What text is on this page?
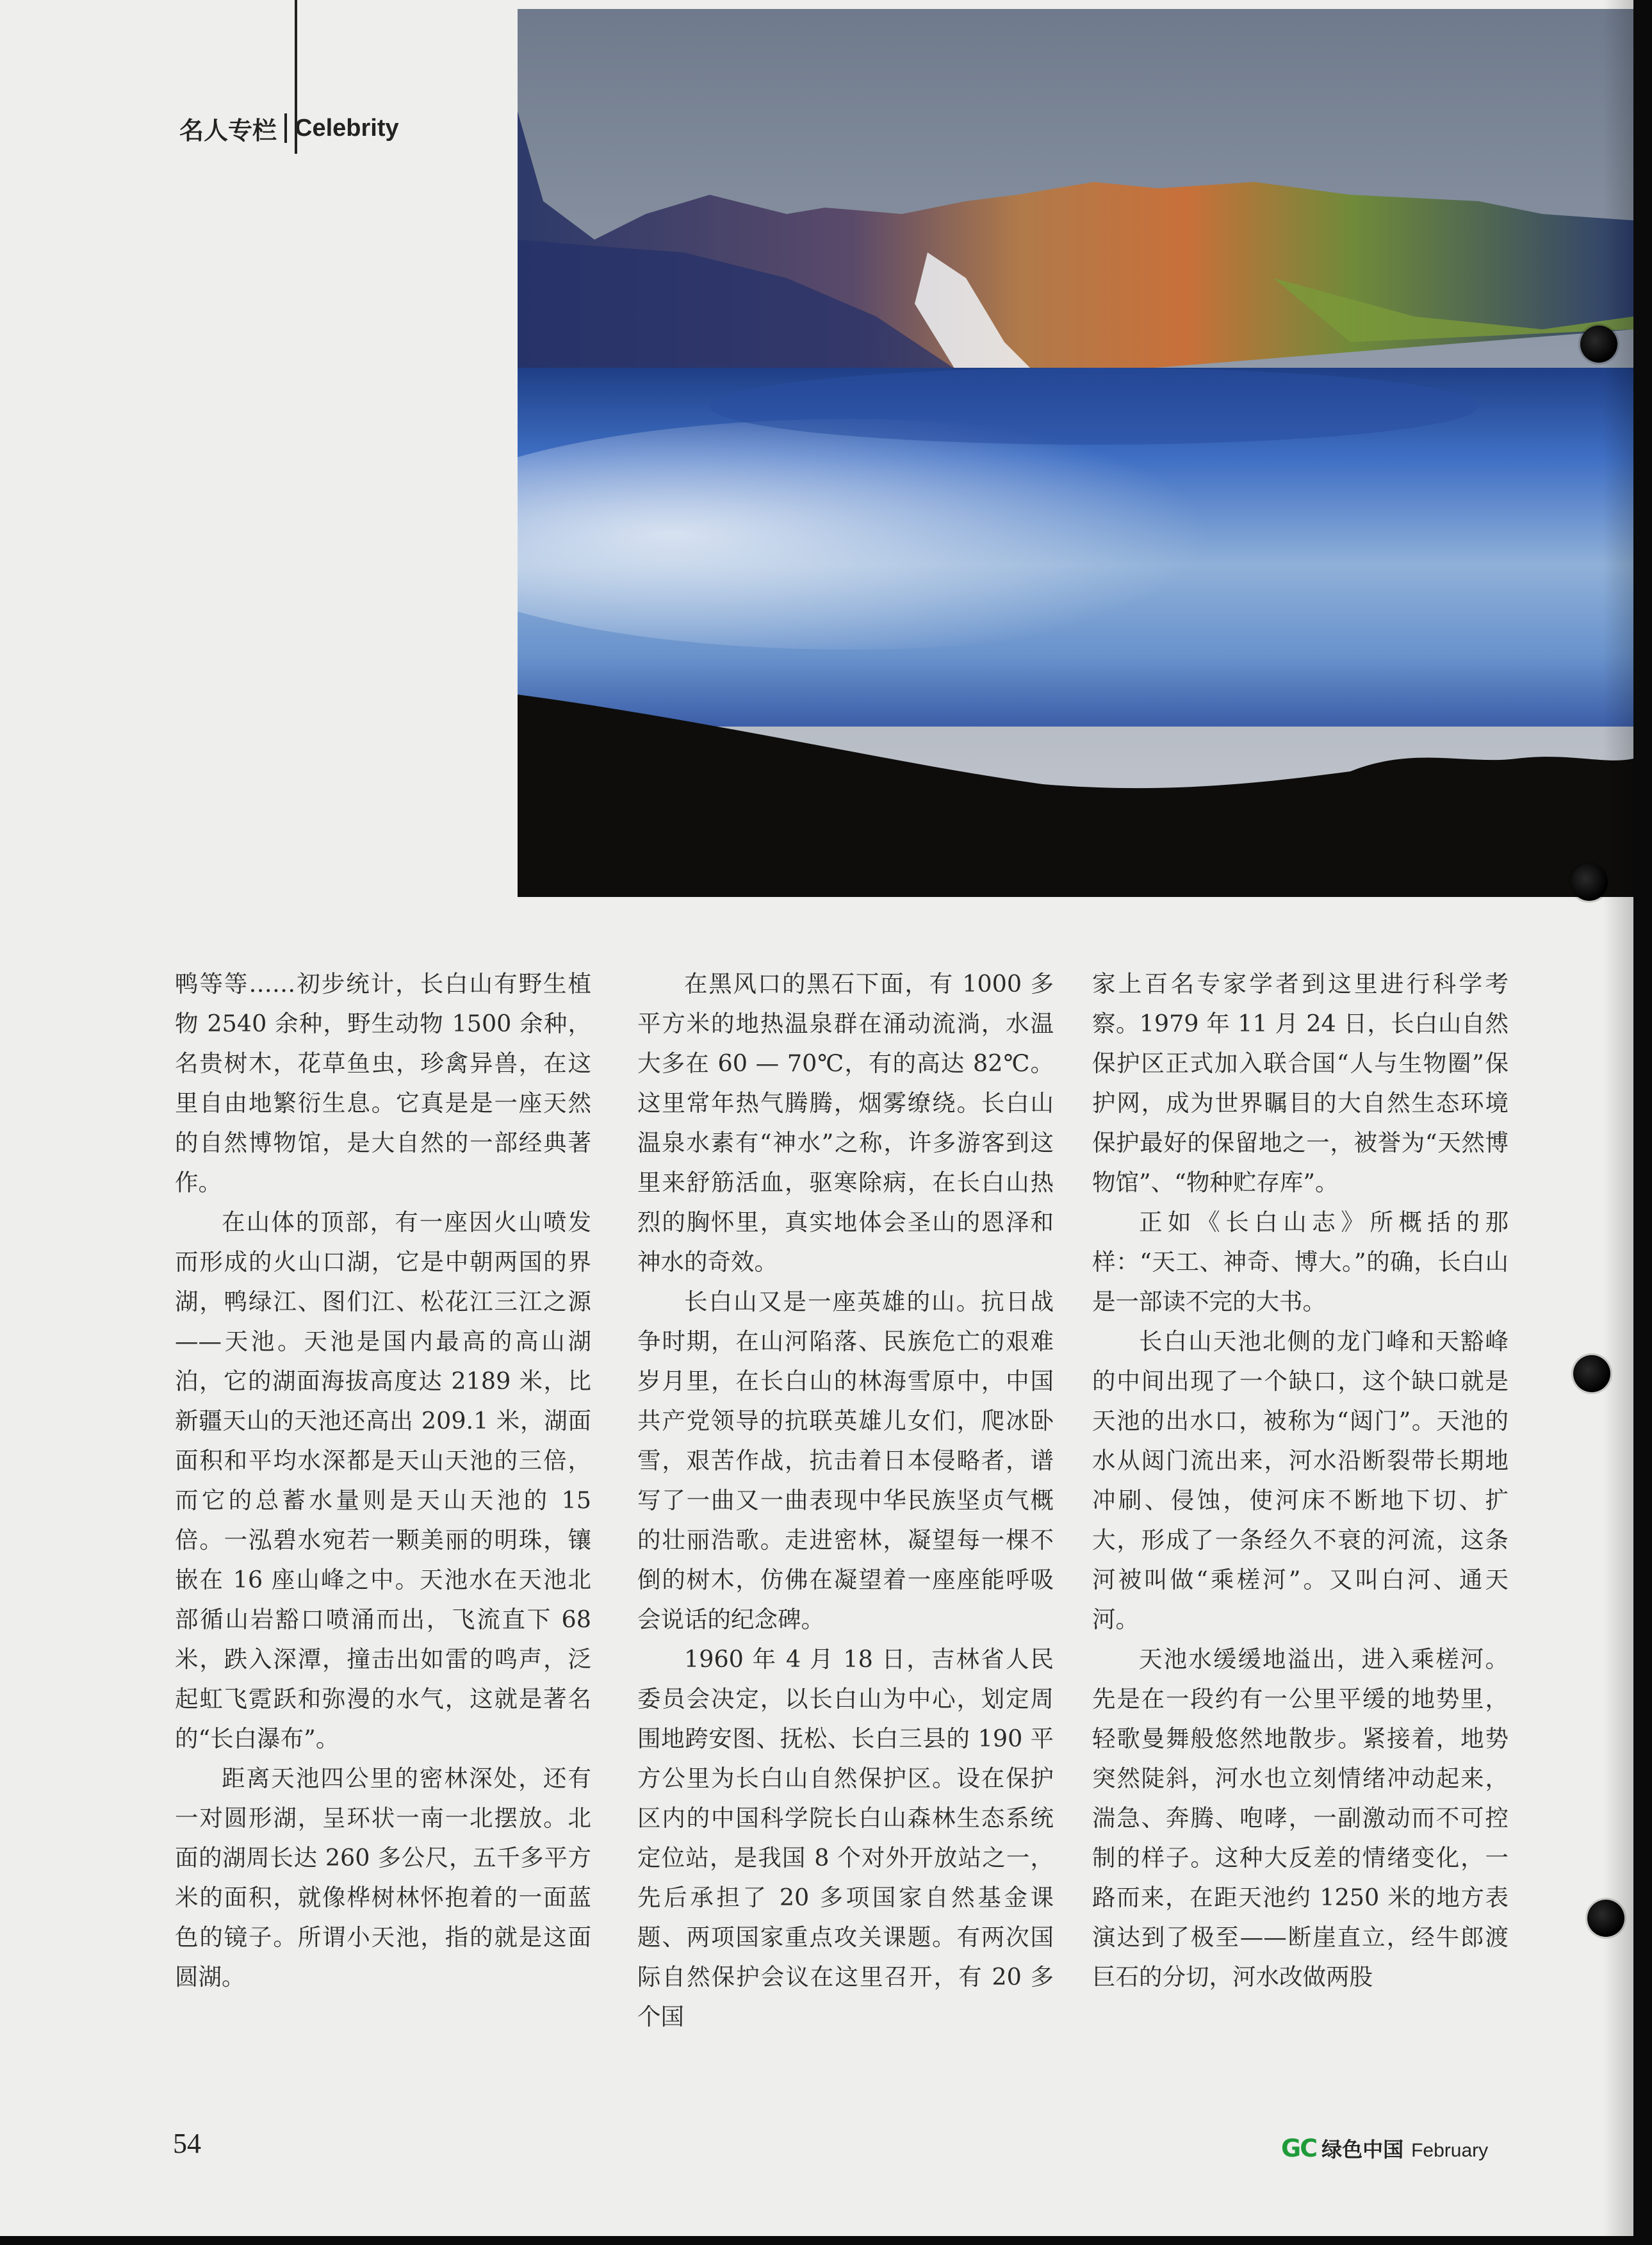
名人专栏 Celebrity

鸭等等……初步统计，长白山有野生植物 2540 余种，野生动物 1500 余种，名贵树木，花草鱼虫，珍禽异兽，在这里自由地繁衍生息。它真是是一座天然的自然博物馆，是大自然的一部经典著作。

在山体的顶部，有一座因火山喷发而形成的火山口湖，它是中朝两国的界湖，鸭绿江、图们江、松花江三江之源——天池。天池是国内最高的高山湖泊，它的湖面海拔高度达 2189 米，比新疆天山的天池还高出 209.1 米，湖面面积和平均水深都是天山天池的三倍，而它的总蓄水量则是天山天池的 15 倍。一泓碧水宛若一颗美丽的明珠，镶嵌在 16 座山峰之中。天池水在天池北部循山岩豁口喷涌而出，飞流直下 68 米，跌入深潭，撞击出如雷的鸣声，泛起虹飞霓跃和弥漫的水气，这就是著名的“长白瀑布”。

距离天池四公里的密林深处，还有一对圆形湖，呈环状一南一北摆放。北面的湖周长达 260 多公尺，五千多平方米的面积，就像桦树林怀抱着的一面蓝色的镜子。所谓小天池，指的就是这面圆湖。

在黑风口的黑石下面，有 1000 多平方米的地热温泉群在涌动流淌，水温大多在 60 — 70℃，有的高达 82℃。这里常年热气腾腾，烟雾缭绕。长白山温泉水素有“神水”之称，许多游客到这里来舒筋活血，驱寒除病，在长白山热烈的胸怀里，真实地体会圣山的恩泽和神水的奇效。

长白山又是一座英雄的山。抗日战争时期，在山河陷落、民族危亡的艰难岁月里，在长白山的林海雪原中，中国共产党领导的抗联英雄儿女们，爬冰卧雪，艰苦作战，抗击着日本侵略者，谱写了一曲又一曲表现中华民族坚贞气概的壮丽浩歌。走进密林，凝望每一棵不倒的树木，仿佛在凝望着一座座能呼吸会说话的纪念碑。

1960 年 4 月 18 日，吉林省人民委员会决定，以长白山为中心，划定周围地跨安图、抚松、长白三县的 190 平方公里为长白山自然保护区。设在保护区内的中国科学院长白山森林生态系统定位站，是我国 8 个对外开放站之一，先后承担了 20 多项国家自然基金课题、两项国家重点攻关课题。有两次国际自然保护会议在这里召开，有 20 多个国

家上百名专家学者到这里进行科学考察。1979 年 11 月 24 日，长白山自然保护区正式加入联合国“人与生物圈”保护网，成为世界瞩目的大自然生态环境保护最好的保留地之一，被誉为“天然博物馆”、“物种贮存库”。

正如《长白山志》所概括的那样：“天工、神奇、博大。”的确，长白山是一部读不完的大书。

长白山天池北侧的龙门峰和天豁峰的中间出现了一个缺口，这个缺口就是天池的出水口，被称为“闼门”。天池的水从闼门流出来，河水沿断裂带长期地冲刷、侵蚀，使河床不断地下切、扩大，形成了一条经久不衰的河流，这条河被叫做“乘槎河”。又叫白河、通天河。

天池水缓缓地溢出，进入乘槎河。先是在一段约有一公里平缓的地势里，轻歌曼舞般悠然地散步。紧接着，地势突然陡斜，河水也立刻情绪冲动起来，湍急、奔腾、咆哮，一副激动而不可控制的样子。这种大反差的情绪变化，一路而来，在距天池约 1250 米的地方表演达到了极至——断崖直立，经牛郎渡巨石的分切，河水改做两股

54	GC 绿色中国 February
